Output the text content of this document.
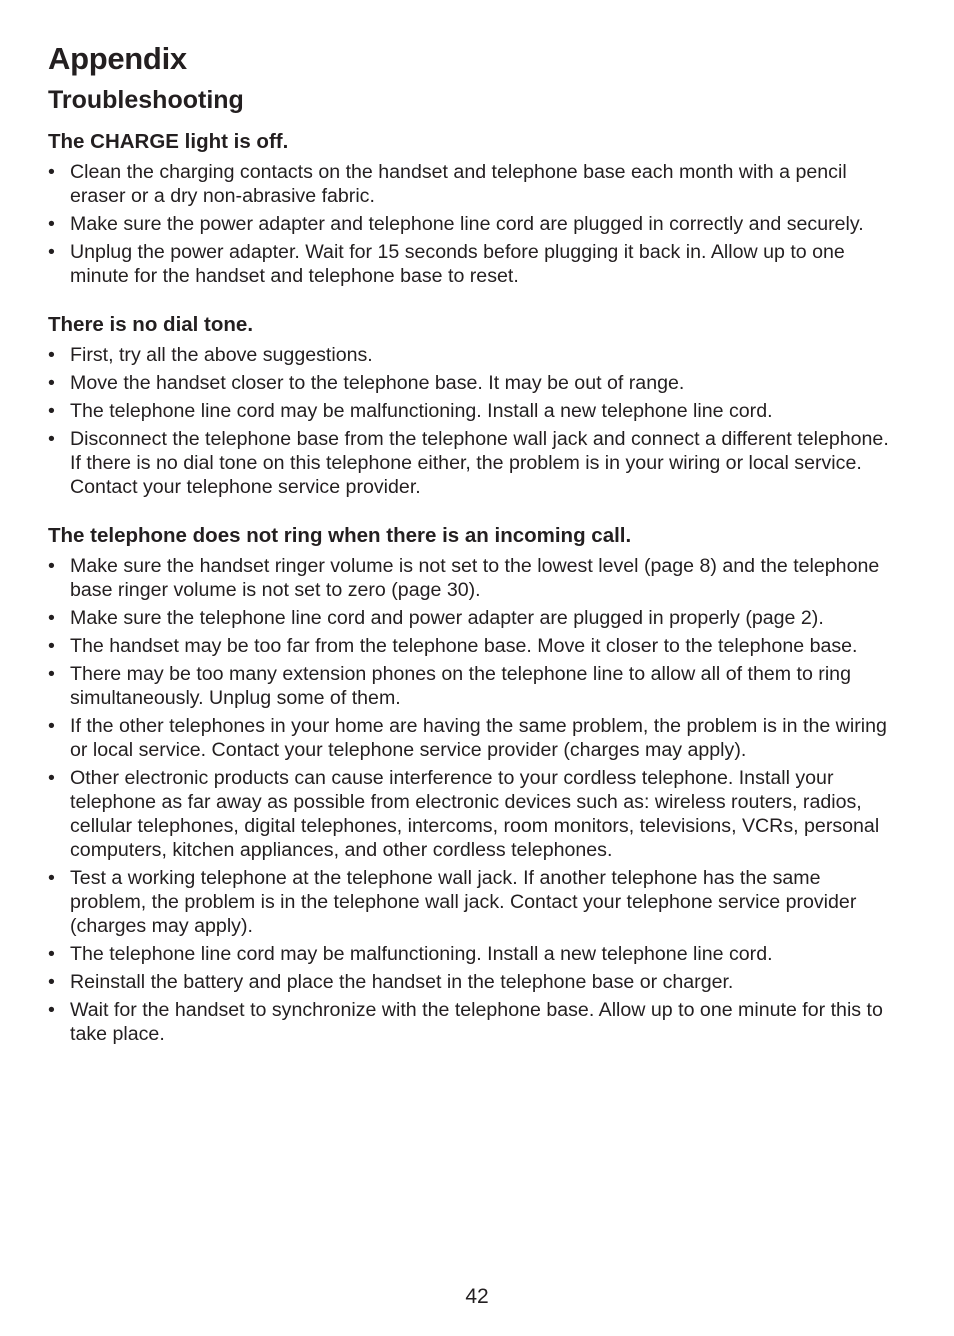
Appendix
Troubleshooting
The CHARGE light is off.
• Clean the charging contacts on the handset and telephone base each month with a pencil eraser or a dry non-abrasive fabric.
• Make sure the power adapter and telephone line cord are plugged in correctly and securely.
• Unplug the power adapter. Wait for 15 seconds before plugging it back in. Allow up to one minute for the handset and telephone base to reset.
There is no dial tone.
• First, try all the above suggestions.
• Move the handset closer to the telephone base. It may be out of range.
• The telephone line cord may be malfunctioning. Install a new telephone line cord.
• Disconnect the telephone base from the telephone wall jack and connect a different telephone. If there is no dial tone on this telephone either, the problem is in your wiring or local service. Contact your telephone service provider.
The telephone does not ring when there is an incoming call.
• Make sure the handset ringer volume is not set to the lowest level (page 8) and the telephone base ringer volume is not set to zero (page 30).
• Make sure the telephone line cord and power adapter are plugged in properly (page 2).
• The handset may be too far from the telephone base. Move it closer to the telephone base.
• There may be too many extension phones on the telephone line to allow all of them to ring simultaneously. Unplug some of them.
• If the other telephones in your home are having the same problem, the problem is in the wiring or local service. Contact your telephone service provider (charges may apply).
• Other electronic products can cause interference to your cordless telephone. Install your telephone as far away as possible from electronic devices such as: wireless routers, radios, cellular telephones, digital telephones, intercoms, room monitors, televisions, VCRs, personal computers, kitchen appliances, and other cordless telephones.
• Test a working telephone at the telephone wall jack. If another telephone has the same problem, the problem is in the telephone wall jack. Contact your telephone service provider (charges may apply).
• The telephone line cord may be malfunctioning. Install a new telephone line cord.
• Reinstall the battery and place the handset in the telephone base or charger.
• Wait for the handset to synchronize with the telephone base. Allow up to one minute for this to take place.
42
